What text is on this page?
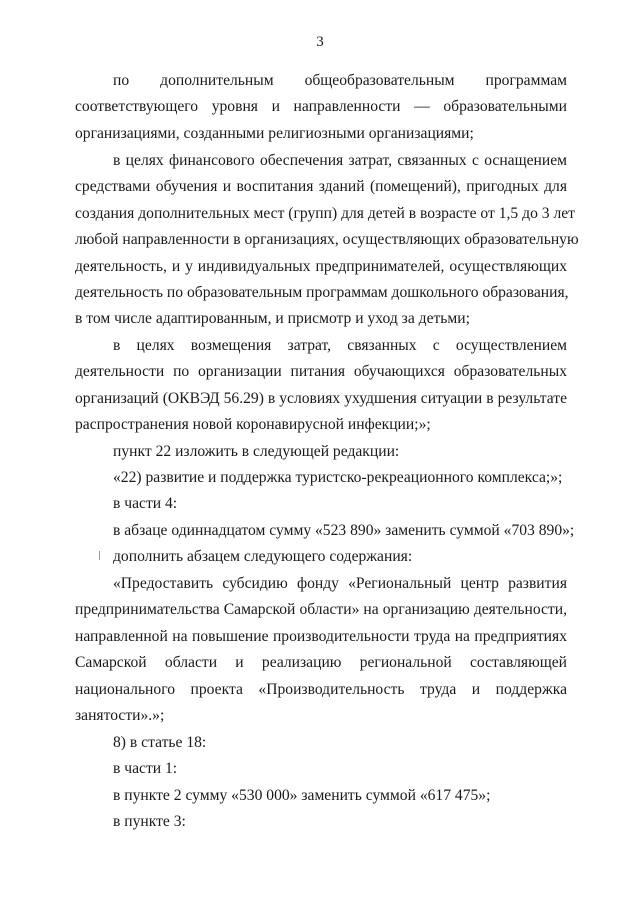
3
по дополнительным общеобразовательным программам
соответствующего уровня и направленности — образовательными
организациями, созданными религиозными организациями;
в целях финансового обеспечения затрат, связанных с оснащением
средствами обучения и воспитания зданий (помещений), пригодных для
создания дополнительных мест (групп) для детей в возрасте от 1,5 до 3 лет
любой направленности в организациях, осуществляющих образовательную
деятельность, и у индивидуальных предпринимателей, осуществляющих
деятельность по образовательным программам дошкольного образования,
в том числе адаптированным, и присмотр и уход за детьми;
в целях возмещения затрат, связанных с осуществлением
деятельности по организации питания обучающихся образовательных
организаций (ОКВЭД 56.29) в условиях ухудшения ситуации в результате
распространения новой коронавирусной инфекции;»;
пункт 22 изложить в следующей редакции:
«22) развитие и поддержка туристско-рекреационного комплекса;»;
в части 4:
в абзаце одиннадцатом сумму «523 890» заменить суммой «703 890»;
дополнить абзацем следующего содержания:
«Предоставить субсидию фонду «Региональный центр развития
предпринимательства Самарской области» на организацию деятельности,
направленной на повышение производительности труда на предприятиях
Самарской области и реализацию региональной составляющей
национального проекта «Производительность труда и поддержка
занятости».»;
8) в статье 18:
в части 1:
в пункте 2 сумму «530 000» заменить суммой «617 475»;
в пункте 3:
